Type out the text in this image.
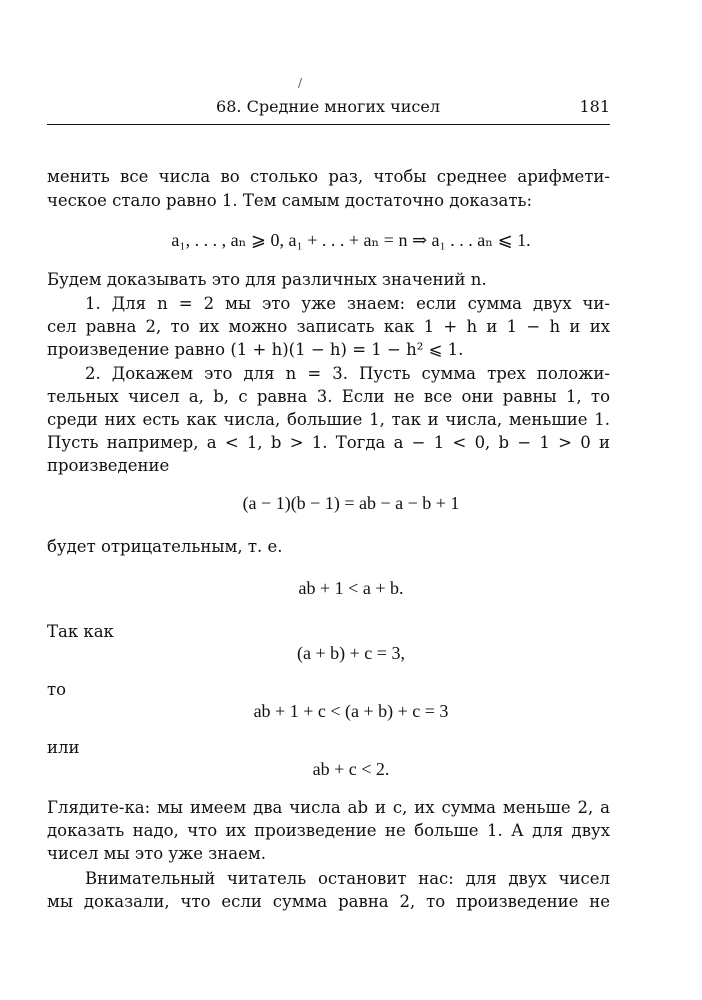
/
68. Средние многих чисел	181
менить все числа во столько раз, чтобы среднее арифмети-
ческое стало равно 1. Тем самым достаточно доказать:
a₁, . . . , aₙ ⩾ 0, a₁ + . . . + aₙ = n ⇒ a₁ . . . aₙ ⩽ 1.
Будем доказывать это для различных значений n.
1. Для n = 2 мы это уже знаем: если сумма двух чи-
сел равна 2, то их можно записать как 1 + h и 1 − h и их
произведение равно (1 + h)(1 − h) = 1 − h² ⩽ 1.
2. Докажем это для n = 3. Пусть сумма трех положи-
тельных чисел a, b, c равна 3. Если не все они равны 1, то
среди них есть как числа, большие 1, так и числа, меньшие 1.
Пусть например, a < 1, b > 1. Тогда a − 1 < 0, b − 1 > 0 и
произведение
(a − 1)(b − 1) = ab − a − b + 1
будет отрицательным, т. е.
ab + 1 < a + b.
Так как
(a + b) + c = 3,
то
ab + 1 + c < (a + b) + c = 3
или
ab + c < 2.
Глядите-ка: мы имеем два числа ab и c, их сумма меньше 2, а
доказать надо, что их произведение не больше 1. А для двух
чисел мы это уже знаем.
Внимательный читатель остановит нас: для двух чисел
мы доказали, что если сумма равна 2, то произведение не
